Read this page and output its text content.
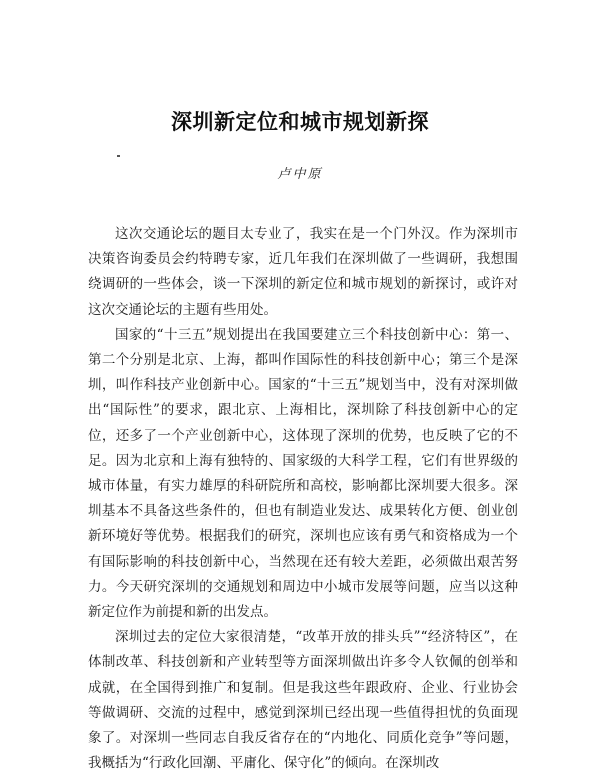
深圳新定位和城市规划新探
卢中原

这次交通论坛的题目太专业了，我实在是一个门外汉。作为深圳市决策咨询委员会约特聘专家，近几年我们在深圳做了一些调研，我想围绕调研的一些体会，谈一下深圳的新定位和城市规划的新探讨，或许对这次交通论坛的主题有些用处。

国家的“十三五”规划提出在我国要建立三个科技创新中心：第一、第二个分别是北京、上海，都叫作国际性的科技创新中心；第三个是深圳，叫作科技产业创新中心。国家的“十三五”规划当中，没有对深圳做出“国际性”的要求，跟北京、上海相比，深圳除了科技创新中心的定位，还多了一个产业创新中心，这体现了深圳的优势，也反映了它的不足。因为北京和上海有独特的、国家级的大科学工程，它们有世界级的城市体量，有实力雄厚的科研院所和高校，影响都比深圳要大很多。深圳基本不具备这些条件的，但也有制造业发达、成果转化方便、创业创新环境好等优势。根据我们的研究，深圳也应该有勇气和资格成为一个有国际影响的科技创新中心，当然现在还有较大差距，必须做出艰苦努力。今天研究深圳的交通规划和周边中小城市发展等问题，应当以这种新定位作为前提和新的出发点。

深圳过去的定位大家很清楚，“改革开放的排头兵”“经济特区”，在体制改革、科技创新和产业转型等方面深圳做出许多令人钦佩的创举和成就，在全国得到推广和复制。但是我这些年跟政府、企业、行业协会等做调研、交流的过程中，感觉到深圳已经出现一些值得担忧的负面现象了。对深圳一些同志自我反省存在的“内地化、同质化竞争”等问题，我概括为“行政化回潮、平庸化、保守化”的倾向。在深圳改
